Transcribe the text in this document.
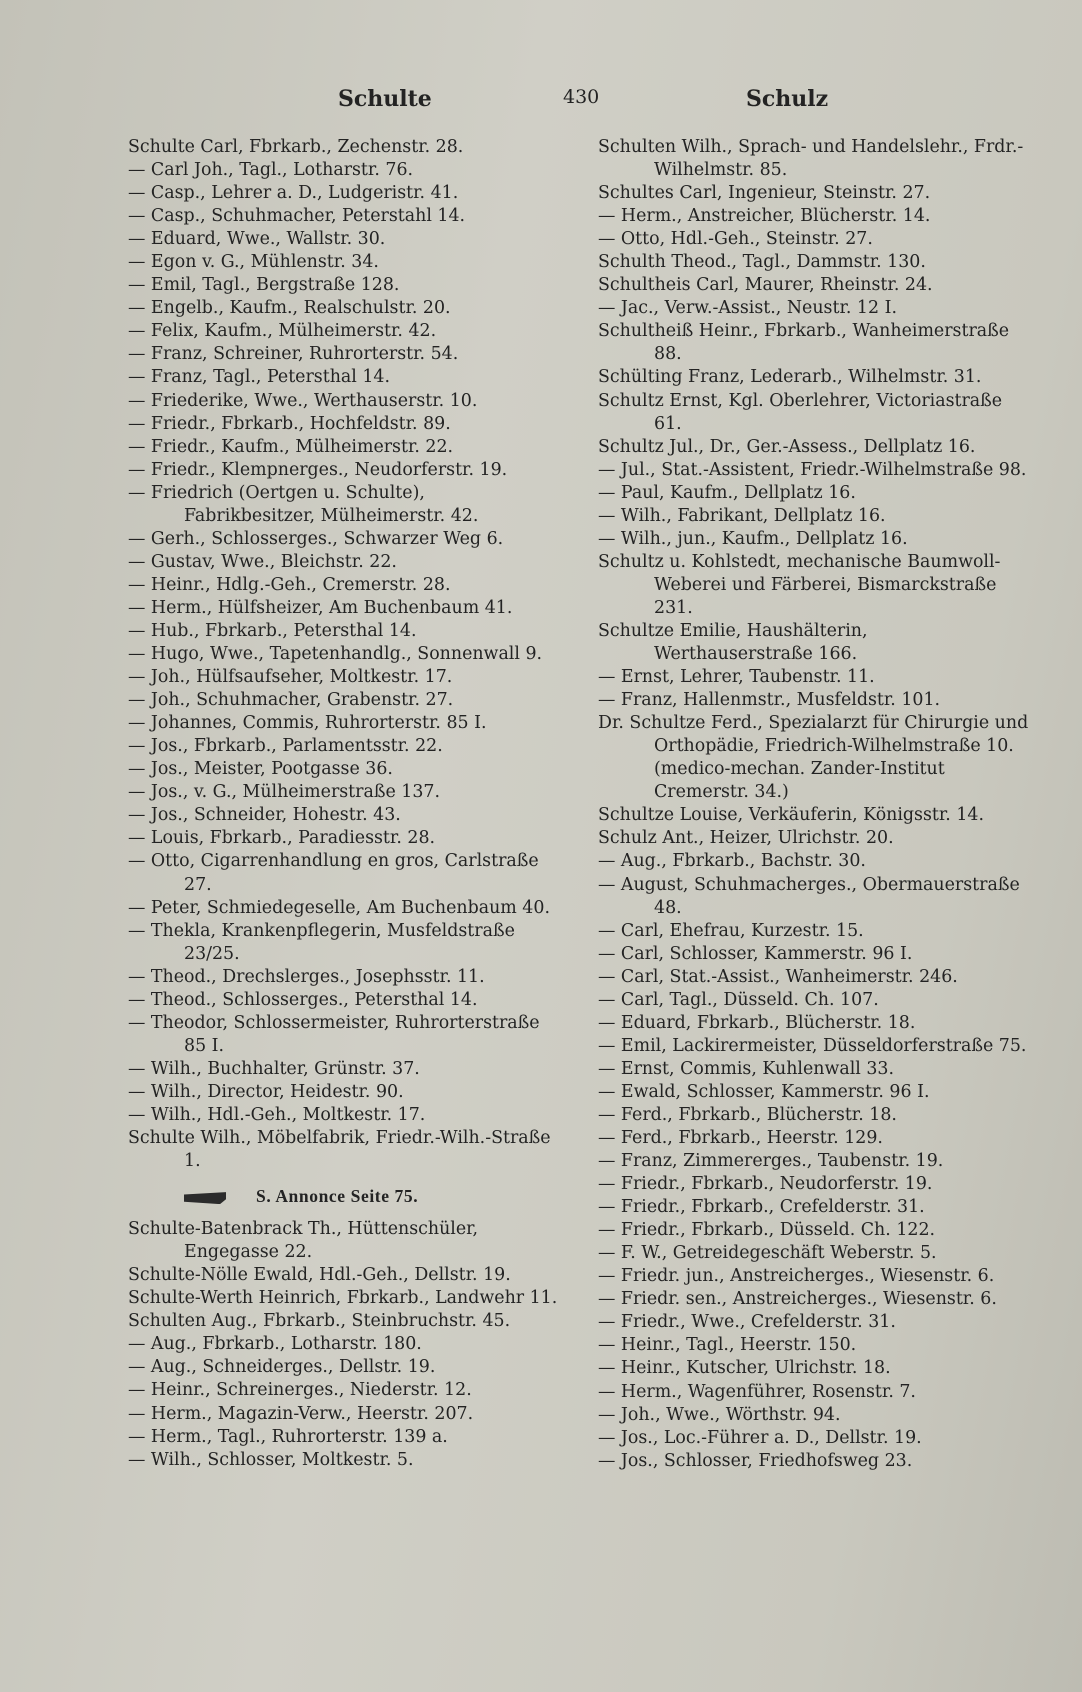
Schulte	430	Schulz
Schulte Carl, Fbrkarb., Zechenstr. 28.
— Carl Joh., Tagl., Lotharstr. 76.
— Casp., Lehrer a. D., Ludgeristr. 41.
— Casp., Schuhmacher, Peterstahl 14.
— Eduard, Wwe., Wallstr. 30.
— Egon v. G., Mühlenstr. 34.
— Emil, Tagl., Bergstraße 128.
— Engelb., Kaufm., Realschulstr. 20.
— Felix, Kaufm., Mülheimerstr. 42.
— Franz, Schreiner, Ruhrorterstr. 54.
— Franz, Tagl., Petersthal 14.
— Friederike, Wwe., Werthauserstr. 10.
— Friedr., Fbrkarb., Hochfeldstr. 89.
— Friedr., Kaufm., Mülheimerstr. 22.
— Friedr., Klempnerges., Neudorferstr. 19.
— Friedrich (Oertgen u. Schulte), Fabrikbesitzer, Mülheimerstr. 42.
— Gerh., Schlosserges., Schwarzer Weg 6.
— Gustav, Wwe., Bleichstr. 22.
— Heinr., Hdlg.-Geh., Cremerstr. 28.
— Herm., Hülfsheizer, Am Buchenbaum 41.
— Hub., Fbrkarb., Petersthal 14.
— Hugo, Wwe., Tapetenhandlg., Sonnenwall 9.
— Joh., Hülfsaufseher, Moltkestr. 17.
— Joh., Schuhmacher, Grabenstr. 27.
— Johannes, Commis, Ruhrorterstr. 85 I.
— Jos., Fbrkarb., Parlamentsstr. 22.
— Jos., Meister, Pootgasse 36.
— Jos., v. G., Mülheimerstraße 137.
— Jos., Schneider, Hohestr. 43.
— Louis, Fbrkarb., Paradiesstr. 28.
— Otto, Cigarrenhandlung en gros, Carlstraße 27.
— Peter, Schmiedegeselle, Am Buchenbaum 40.
— Thekla, Krankenpflegerin, Musfeldstraße 23/25.
— Theod., Drechslerges., Josephsstr. 11.
— Theod., Schlosserges., Petersthal 14.
— Theodor, Schlossermeister, Ruhrorterstraße 85 I.
— Wilh., Buchhalter, Grünstr. 37.
— Wilh., Director, Heidestr. 90.
— Wilh., Hdl.-Geh., Moltkestr. 17.
Schulte Wilh., Möbelfabrik, Friedr.-Wilh.-Straße 1.
S. Annonce Seite 75.
Schulte-Batenbrack Th., Hüttenschüler, Engegasse 22.
Schulte-Nölle Ewald, Hdl.-Geh., Dellstr. 19.
Schulte-Werth Heinrich, Fbrkarb., Landwehr 11.
Schulten Aug., Fbrkarb., Steinbruchstr. 45.
— Aug., Fbrkarb., Lotharstr. 180.
— Aug., Schneiderges., Dellstr. 19.
— Heinr., Schreinerges., Niederstr. 12.
— Herm., Magazin-Verw., Heerstr. 207.
— Herm., Tagl., Ruhrorterstr. 139 a.
— Wilh., Schlosser, Moltkestr. 5.
Schulten Wilh., Sprach- und Handelslehr., Frdr.-Wilhelmstr. 85.
Schultes Carl, Ingenieur, Steinstr. 27.
— Herm., Anstreicher, Blücherstr. 14.
— Otto, Hdl.-Geh., Steinstr. 27.
Schulth Theod., Tagl., Dammstr. 130.
Schultheis Carl, Maurer, Rheinstr. 24.
— Jac., Verw.-Assist., Neustr. 12 I.
Schultheiß Heinr., Fbrkarb., Wanheimerstraße 88.
Schülting Franz, Lederarb., Wilhelmstr. 31.
Schultz Ernst, Kgl. Oberlehrer, Victoriastraße 61.
Schultz Jul., Dr., Ger.-Assess., Dellplatz 16.
— Jul., Stat.-Assistent, Friedr.-Wilhelmstraße 98.
— Paul, Kaufm., Dellplatz 16.
— Wilh., Fabrikant, Dellplatz 16.
— Wilh., jun., Kaufm., Dellplatz 16.
Schultz u. Kohlstedt, mechanische Baumwoll-Weberei und Färberei, Bismarckstraße 231.
Schultze Emilie, Haushälterin, Werthauserstraße 166.
— Ernst, Lehrer, Taubenstr. 11.
— Franz, Hallenmstr., Musfeldstr. 101.
Dr. Schultze Ferd., Spezialarzt für Chirurgie und Orthopädie, Friedrich-Wilhelmstraße 10. (medico-mechan. Zander-Institut Cremerstr. 34.)
Schultze Louise, Verkäuferin, Königsstr. 14.
Schulz Ant., Heizer, Ulrichstr. 20.
— Aug., Fbrkarb., Bachstr. 30.
— August, Schuhmacherges., Obermauerstraße 48.
— Carl, Ehefrau, Kurzestr. 15.
— Carl, Schlosser, Kammerstr. 96 I.
— Carl, Stat.-Assist., Wanheimerstr. 246.
— Carl, Tagl., Düsseld. Ch. 107.
— Eduard, Fbrkarb., Blücherstr. 18.
— Emil, Lackirermeister, Düsseldorferstraße 75.
— Ernst, Commis, Kuhlenwall 33.
— Ewald, Schlosser, Kammerstr. 96 I.
— Ferd., Fbrkarb., Blücherstr. 18.
— Ferd., Fbrkarb., Heerstr. 129.
— Franz, Zimmererges., Taubenstr. 19.
— Friedr., Fbrkarb., Neudorferstr. 19.
— Friedr., Fbrkarb., Crefelderstr. 31.
— Friedr., Fbrkarb., Düsseld. Ch. 122.
— F. W., Getreidegeschäft Weberstr. 5.
— Friedr. jun., Anstreicherges., Wiesenstr. 6.
— Friedr. sen., Anstreicherges., Wiesenstr. 6.
— Friedr., Wwe., Crefelderstr. 31.
— Heinr., Tagl., Heerstr. 150.
— Heinr., Kutscher, Ulrichstr. 18.
— Herm., Wagenführer, Rosenstr. 7.
— Joh., Wwe., Wörthstr. 94.
— Jos., Loc.-Führer a. D., Dellstr. 19.
— Jos., Schlosser, Friedhofsweg 23.
